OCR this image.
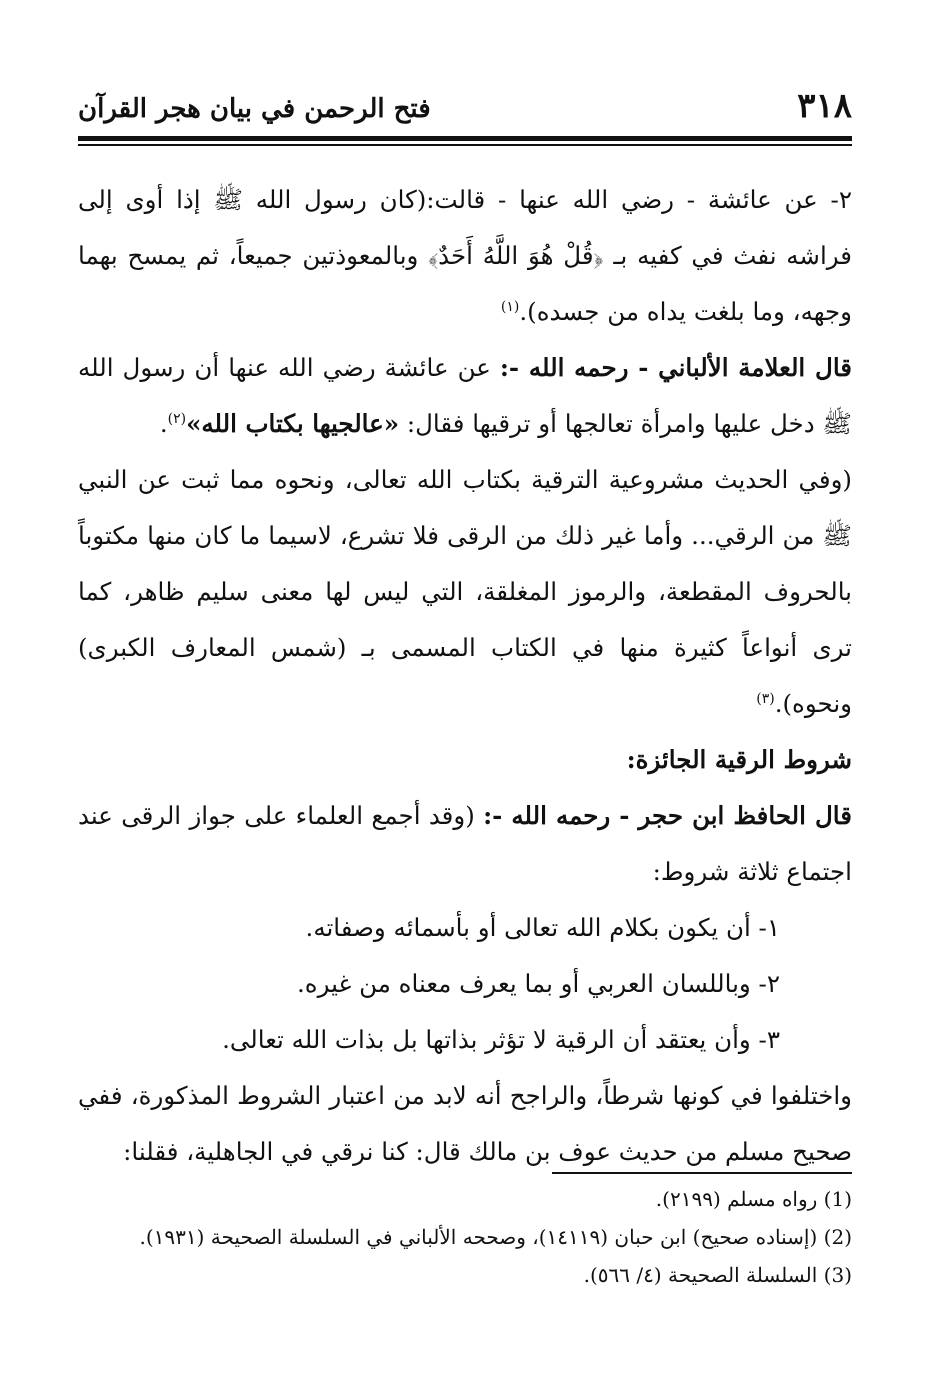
٣١٨
فتح الرحمن في بيان هجر القرآن

٢- عن عائشة - رضي الله عنها - قالت:(كان رسول الله ﷺ إذا أوى إلى فراشه نفث في كفيه بـ ﴿قُلْ هُوَ اللَّهُ أَحَدٌ﴾ وبالمعوذتين جميعاً، ثم يمسح بهما وجهه، وما بلغت يداه من جسده).$^{(١)}$

قال العلامة الألباني - رحمه الله -: عن عائشة رضي الله عنها أن رسول الله ﷺ دخل عليها وامرأة تعالجها أو ترقيها فقال: «عالجيها بكتاب الله»$^{(٢)}$.

(وفي الحديث مشروعية الترقية بكتاب الله تعالى، ونحوه مما ثبت عن النبي ﷺ من الرقي... وأما غير ذلك من الرقى فلا تشرع، لاسيما ما كان منها مكتوباً بالحروف المقطعة، والرموز المغلقة، التي ليس لها معنى سليم ظاهر، كما ترى أنواعاً كثيرة منها في الكتاب المسمى بـ (شمس المعارف الكبرى) ونحوه).$^{(٣)}$

شروط الرقية الجائزة:

قال الحافظ ابن حجر - رحمه الله -: (وقد أجمع العلماء على جواز الرقى عند اجتماع ثلاثة شروط:

١- أن يكون بكلام الله تعالى أو بأسمائه وصفاته.

٢- وباللسان العربي أو بما يعرف معناه من غيره.

٣- وأن يعتقد أن الرقية لا تؤثر بذاتها بل بذات الله تعالى.

واختلفوا في كونها شرطاً، والراجح أنه لابد من اعتبار الشروط المذكورة، ففي صحيح مسلم من حديث عوف بن مالك قال: كنا نرقي في الجاهلية، فقلنا:

(1) رواه مسلم (٢١٩٩).

(2) (إسناده صحيح) ابن حبان (١٤١١٩)، وصححه الألباني في السلسلة الصحيحة (١٩٣١).

(3) السلسلة الصحيحة (٤/ ٥٦٦).
